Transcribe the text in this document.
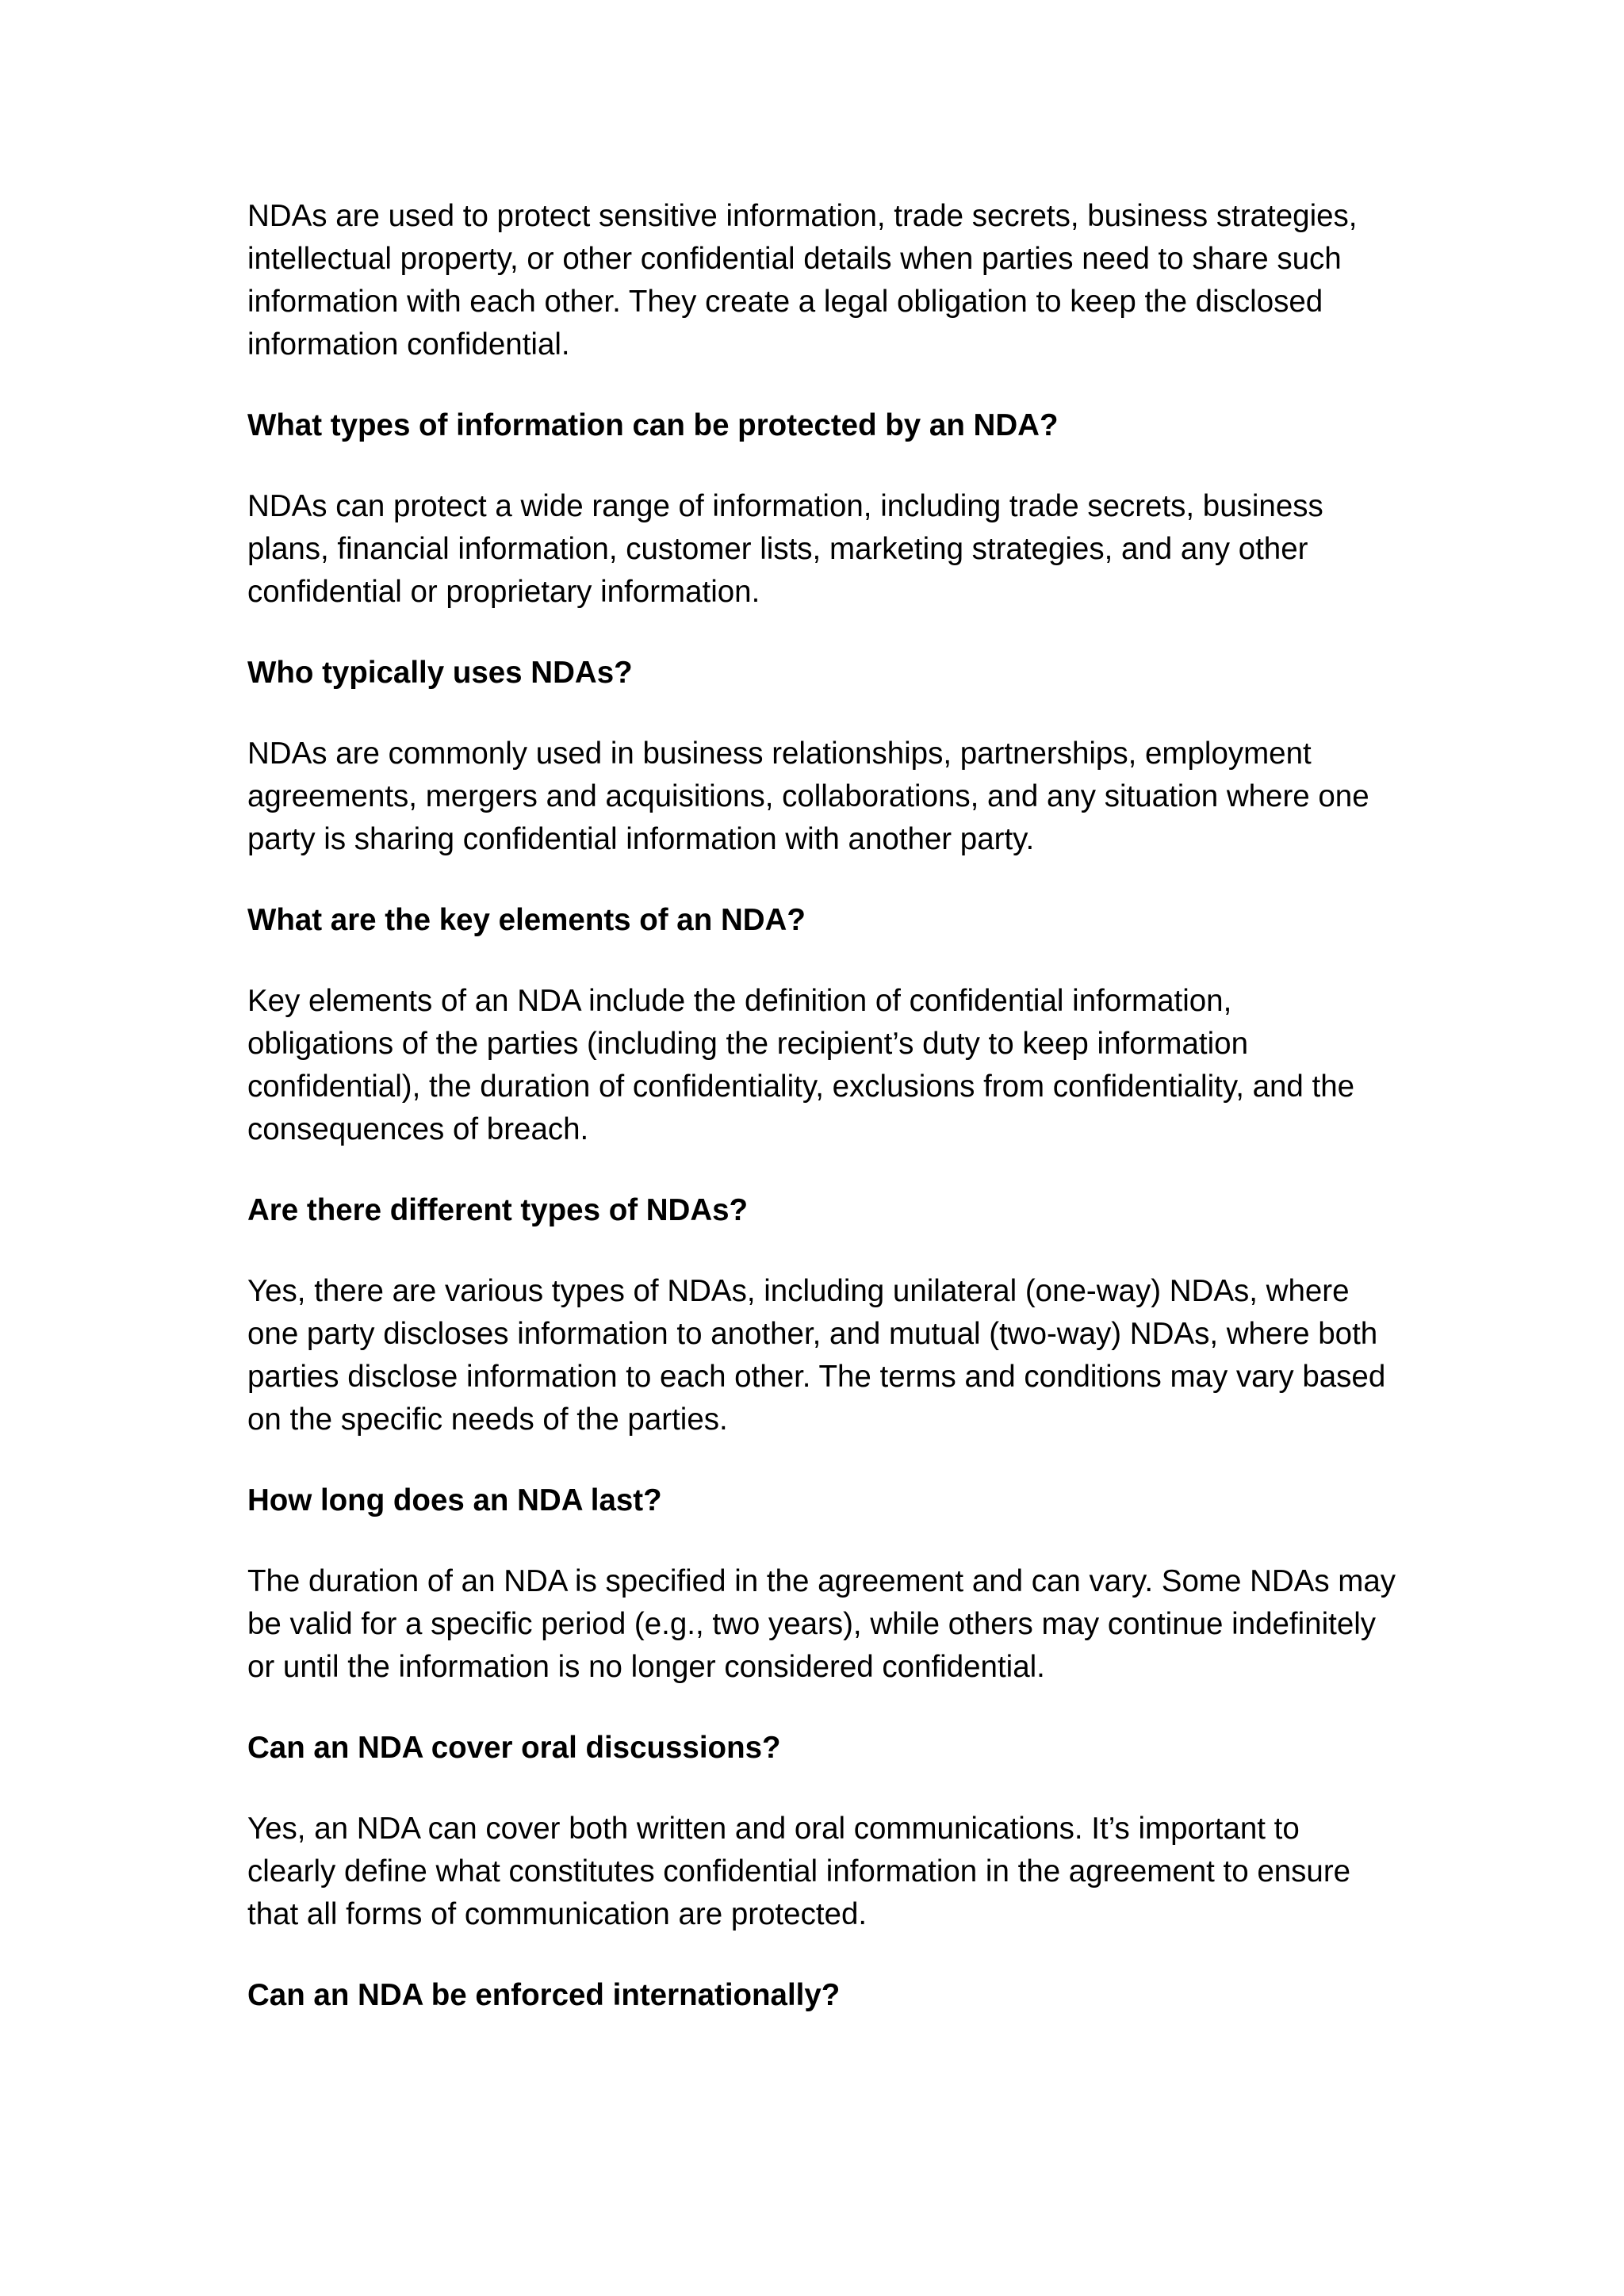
NDAs are used to protect sensitive information, trade secrets, business strategies,
intellectual property, or other confidential details when parties need to share such
information with each other. They create a legal obligation to keep the disclosed
information confidential.

What types of information can be protected by an NDA?

NDAs can protect a wide range of information, including trade secrets, business
plans, financial information, customer lists, marketing strategies, and any other
confidential or proprietary information.

Who typically uses NDAs?

NDAs are commonly used in business relationships, partnerships, employment
agreements, mergers and acquisitions, collaborations, and any situation where one
party is sharing confidential information with another party.

What are the key elements of an NDA?

Key elements of an NDA include the definition of confidential information,
obligations of the parties (including the recipient’s duty to keep information
confidential), the duration of confidentiality, exclusions from confidentiality, and the
consequences of breach.

Are there different types of NDAs?

Yes, there are various types of NDAs, including unilateral (one-way) NDAs, where
one party discloses information to another, and mutual (two-way) NDAs, where both
parties disclose information to each other. The terms and conditions may vary based
on the specific needs of the parties.

How long does an NDA last?

The duration of an NDA is specified in the agreement and can vary. Some NDAs may
be valid for a specific period (e.g., two years), while others may continue indefinitely
or until the information is no longer considered confidential.

Can an NDA cover oral discussions?

Yes, an NDA can cover both written and oral communications. It’s important to
clearly define what constitutes confidential information in the agreement to ensure
that all forms of communication are protected.

Can an NDA be enforced internationally?
